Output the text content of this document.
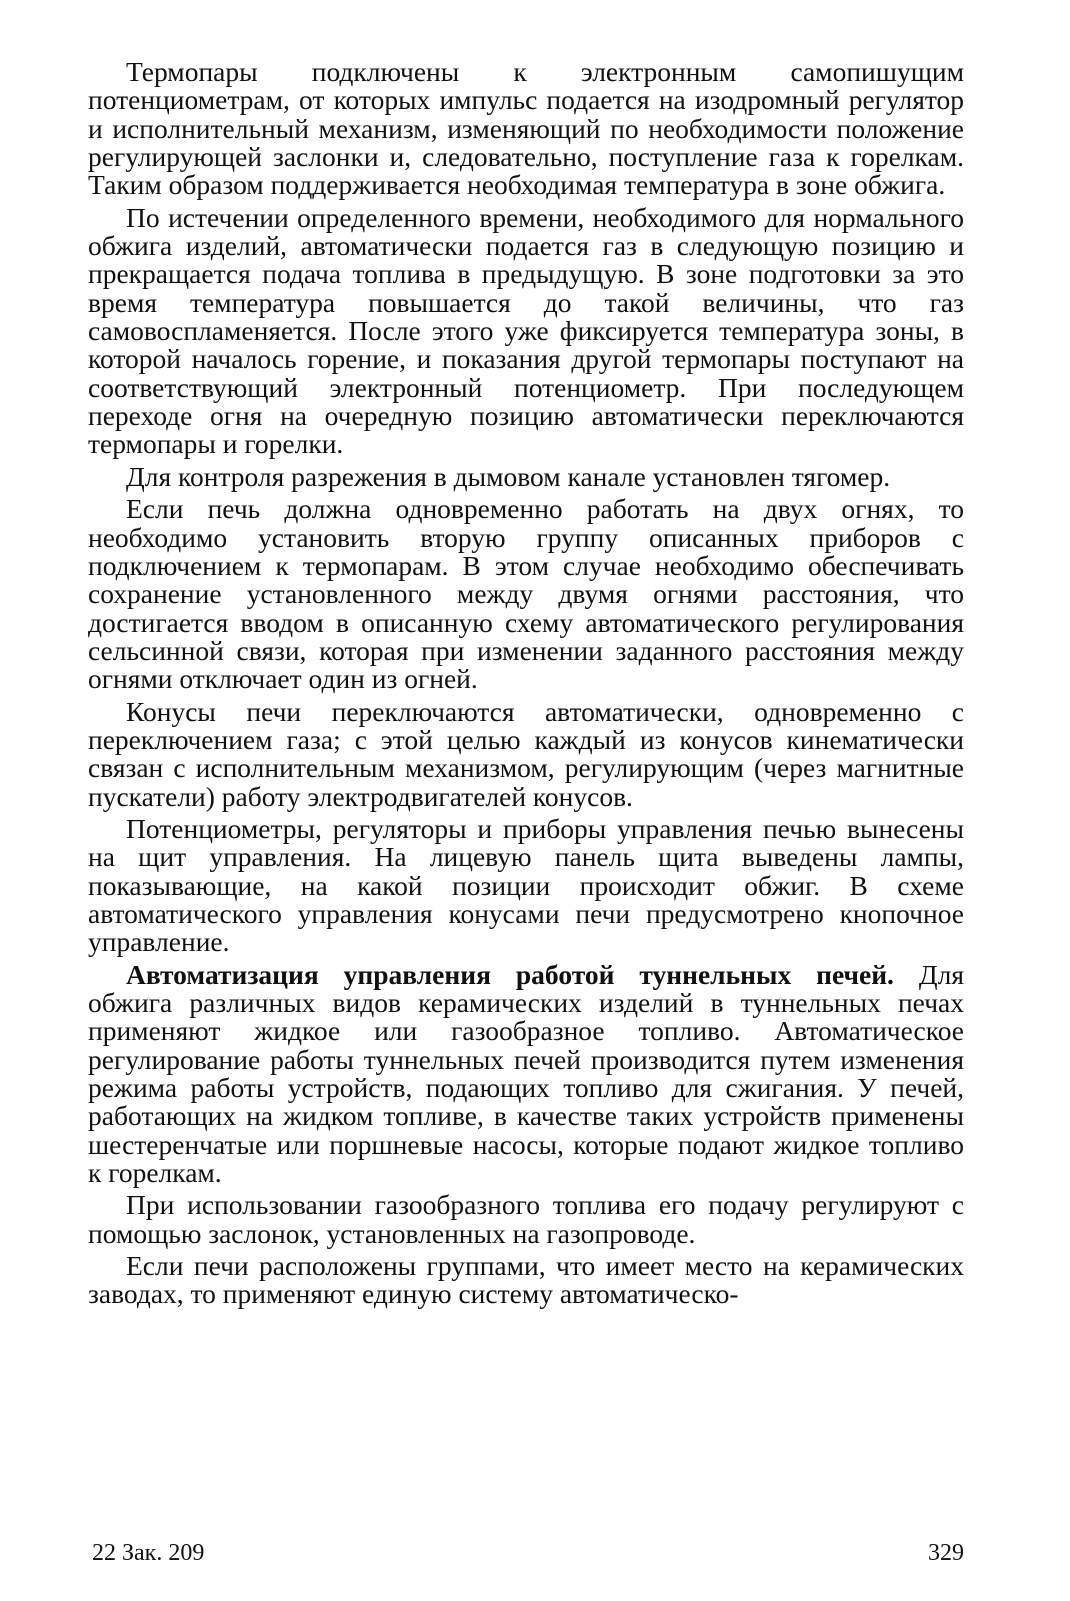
Термопары подключены к электронным самопишущим потенциометрам, от которых импульс подается на изодромный регулятор и исполнительный механизм, изменяющий по необходимости положение регулирующей заслонки и, следовательно, поступление газа к горелкам. Таким образом поддерживается необходимая температура в зоне обжига.

По истечении определенного времени, необходимого для нормального обжига изделий, автоматически подается газ в следующую позицию и прекращается подача топлива в предыдущую. В зоне подготовки за это время температура повышается до такой величины, что газ самовоспламеняется. После этого уже фиксируется температура зоны, в которой началось горение, и показания другой термопары поступают на соответствующий электронный потенциометр. При последующем переходе огня на очередную позицию автоматически переключаются термопары и горелки.

Для контроля разрежения в дымовом канале установлен тягомер.

Если печь должна одновременно работать на двух огнях, то необходимо установить вторую группу описанных приборов с подключением к термопарам. В этом случае необходимо обеспечивать сохранение установленного между двумя огнями расстояния, что достигается вводом в описанную схему автоматического регулирования сельсинной связи, которая при изменении заданного расстояния между огнями отключает один из огней.

Конусы печи переключаются автоматически, одновременно с переключением газа; с этой целью каждый из конусов кинематически связан с исполнительным механизмом, регулирующим (через магнитные пускатели) работу электродвигателей конусов.

Потенциометры, регуляторы и приборы управления печью вынесены на щит управления. На лицевую панель щита выведены лампы, показывающие, на какой позиции происходит обжиг. В схеме автоматического управления конусами печи предусмотрено кнопочное управление.

Автоматизация управления работой туннельных печей. Для обжига различных видов керамических изделий в туннельных печах применяют жидкое или газообразное топливо. Автоматическое регулирование работы туннельных печей производится путем изменения режима работы устройств, подающих топливо для сжигания. У печей, работающих на жидком топливе, в качестве таких устройств применены шестеренчатые или поршневые насосы, которые подают жидкое топливо к горелкам.

При использовании газообразного топлива его подачу регулируют с помощью заслонок, установленных на газопроводе.

Если печи расположены группами, что имеет место на керамических заводах, то применяют единую систему автоматическо-

22 Зак. 209	329
